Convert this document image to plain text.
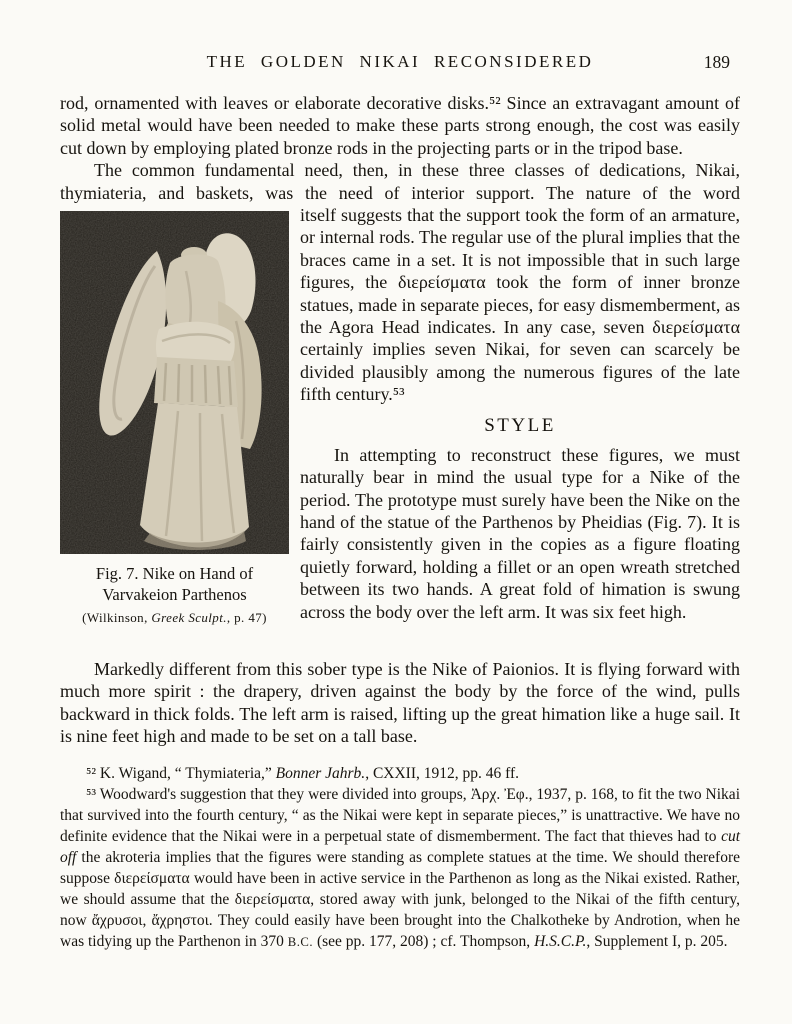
THE GOLDEN NIKAI RECONSIDERED	189

rod, ornamented with leaves or elaborate decorative disks.⁵² Since an extravagant amount of solid metal would have been needed to make these parts strong enough, the cost was easily cut down by employing plated bronze rods in the projecting parts or in the tripod base.

The common fundamental need, then, in these three classes of dedications, Nikai, thymiateria, and baskets, was the need of interior support. The nature of the word

Fig. 7. Nike on Hand of
Varvakeion Parthenos
(Wilkinson, Greek Sculpt., p. 47)

itself suggests that the support took the form of an armature, or internal rods. The regular use of the plural implies that the braces came in a set. It is not impossible that in such large figures, the διερείσματα took the form of inner bronze statues, made in separate pieces, for easy dismemberment, as the Agora Head indicates. In any case, seven διερείσματα certainly implies seven Nikai, for seven can scarcely be divided plausibly among the numerous figures of the late fifth century.⁵³

STYLE

In attempting to reconstruct these figures, we must naturally bear in mind the usual type for a Nike of the period. The prototype must surely have been the Nike on the hand of the statue of the Parthenos by Pheidias (Fig. 7). It is fairly consistently given in the copies as a figure floating quietly forward, holding a fillet or an open wreath stretched between its two hands. A great fold of himation is swung across the body over the left arm. It was six feet high.

Markedly different from this sober type is the Nike of Paionios. It is flying forward with much more spirit : the drapery, driven against the body by the force of the wind, pulls backward in thick folds. The left arm is raised, lifting up the great himation like a huge sail. It is nine feet high and made to be set on a tall base.

⁵² K. Wigand, “ Thymiateria,” Bonner Jahrb., CXXII, 1912, pp. 46 ff.

⁵³ Woodward's suggestion that they were divided into groups, Ἀρχ. Ἐφ., 1937, p. 168, to fit the two Nikai that survived into the fourth century, “ as the Nikai were kept in separate pieces,” is unattractive. We have no definite evidence that the Nikai were in a perpetual state of dismemberment. The fact that thieves had to cut off the akroteria implies that the figures were standing as complete statues at the time. We should therefore suppose διερείσματα would have been in active service in the Parthenon as long as the Nikai existed. Rather, we should assume that the διερείσματα, stored away with junk, belonged to the Nikai of the fifth century, now ἄχρυσοι, ἄχρηστοι. They could easily have been brought into the Chalkotheke by Androtion, when he was tidying up the Parthenon in 370 B.C. (see pp. 177, 208) ; cf. Thompson, H.S.C.P., Supplement I, p. 205.
